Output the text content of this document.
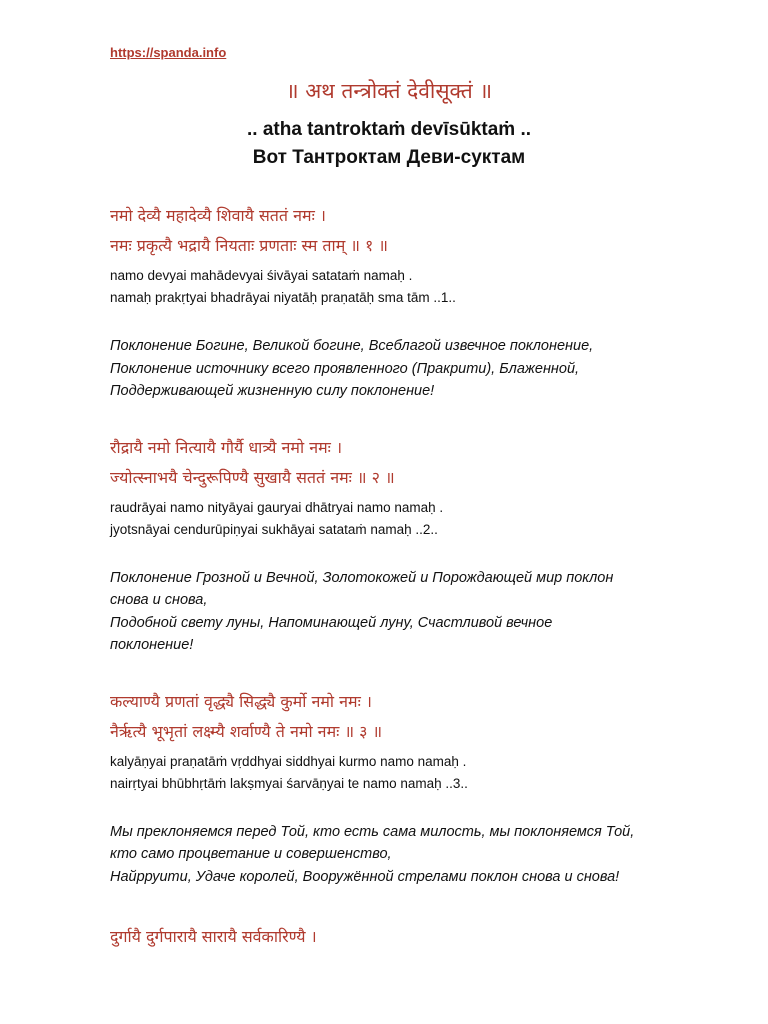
https://spanda.info
॥ अथ तन्त्रोक्तं देवीसूक्तं ॥
.. atha tantroktaṁ devīsūktaṁ ..
Вот Тантроктам Деви-суктам
नमो देव्यै महादेव्यै शिवायै सततं नमः ।
नमः प्रकृत्यै भद्रायै नियताः प्रणताः स्म ताम् ॥ १ ॥
namo devyai mahādevyai śivāyai satataṁ namaḥ .
namaḥ prakṛtyai bhadrāyai niyatāḥ praṇatāḥ sma tām ..1..
Поклонение Богине, Великой богине, Всеблагой извечное поклонение,
Поклонение источнику всего проявленного (Пракрити), Блаженной,
Поддерживающей жизненную силу поклонение!
रौद्रायै नमो नित्यायै गौर्यै धात्र्यै नमो नमः ।
ज्योत्स्नाभयै चेन्दुरूपिण्यै सुखायै सततं नमः ॥ २ ॥
raudrāyai namo nityāyai gauryai dhātryai namo namaḥ .
jyotsnāyai cendurūpiṇyai sukhāyai satataṁ namaḥ ..2..
Поклонение Грозной и Вечной, Золотокожей и Порождающей мир поклон
снова и снова,
Подобной свету луны, Напоминающей луну, Счастливой вечное
поклонение!
कल्याण्यै प्रणतां वृद्ध्यै सिद्ध्यै कुर्मो नमो नमः ।
नैर्ऋत्यै भूभृतां लक्ष्म्यै शर्वाण्यै ते नमो नमः ॥ ३ ॥
kalyāṇyai praṇatāṁ vṛddhyai siddhyai kurmo namo namaḥ .
nairṛtyai bhūbhṛtāṁ lakṣmyai śarvāṇyai te namo namaḥ ..3..
Мы преклоняемся перед Той, кто есть сама милость, мы поклоняемся Той,
кто само процветание и совершенство,
Найрруити, Удаче королей, Вооружённой стрелами поклон снова и снова!
दुर्गायै दुर्गपारायै सारायै सर्वकारिण्यै ।
